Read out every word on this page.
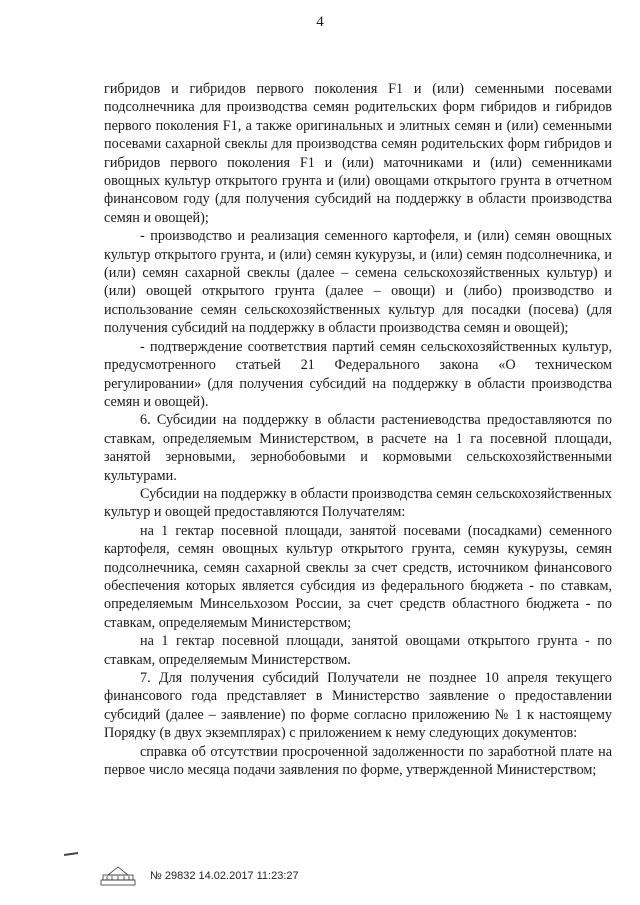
4

гибридов и гибридов первого поколения F1 и (или) семенными посевами подсолнечника для производства семян родительских форм гибридов и гибридов первого поколения F1, а также оригинальных и элитных семян и (или) семенными посевами сахарной свеклы для производства семян родительских форм гибридов и гибридов первого поколения F1 и (или) маточниками и (или) семенниками овощных культур открытого грунта и (или) овощами открытого грунта в отчетном финансовом году (для получения субсидий на поддержку в области производства семян и овощей);

- производство и реализация семенного картофеля, и (или) семян овощных культур открытого грунта, и (или) семян кукурузы, и (или) семян подсолнечника, и (или) семян сахарной свеклы (далее – семена сельскохозяйственных культур) и (или) овощей открытого грунта (далее – овощи) и (либо) производство и использование семян сельскохозяйственных культур для посадки (посева) (для получения субсидий на поддержку в области производства семян и овощей);

- подтверждение соответствия партий семян сельскохозяйственных культур, предусмотренного статьей 21 Федерального закона «О техническом регулировании» (для получения субсидий на поддержку в области производства семян и овощей).

6. Субсидии на поддержку в области растениеводства предоставляются по ставкам, определяемым Министерством, в расчете на 1 га посевной площади, занятой зерновыми, зернобобовыми и кормовыми сельскохозяйственными культурами.

Субсидии на поддержку в области производства семян сельскохозяйственных культур и овощей предоставляются Получателям:

на 1 гектар посевной площади, занятой посевами (посадками) семенного картофеля, семян овощных культур открытого грунта, семян кукурузы, семян подсолнечника, семян сахарной свеклы за счет средств, источником финансового обеспечения которых является субсидия из федерального бюджета - по ставкам, определяемым Минсельхозом России, за счет средств областного бюджета - по ставкам, определяемым Министерством;

на 1 гектар посевной площади, занятой овощами открытого грунта - по ставкам, определяемым Министерством.

7. Для получения субсидий Получатели не позднее 10 апреля текущего финансового года представляет в Министерство заявление о предоставлении субсидий (далее – заявление) по форме согласно приложению № 1 к настоящему Порядку (в двух экземплярах) с приложением к нему следующих документов:

справка об отсутствии просроченной задолженности по заработной плате на первое число месяца подачи заявления по форме, утвержденной Министерством;

№ 29832 14.02.2017 11:23:27
